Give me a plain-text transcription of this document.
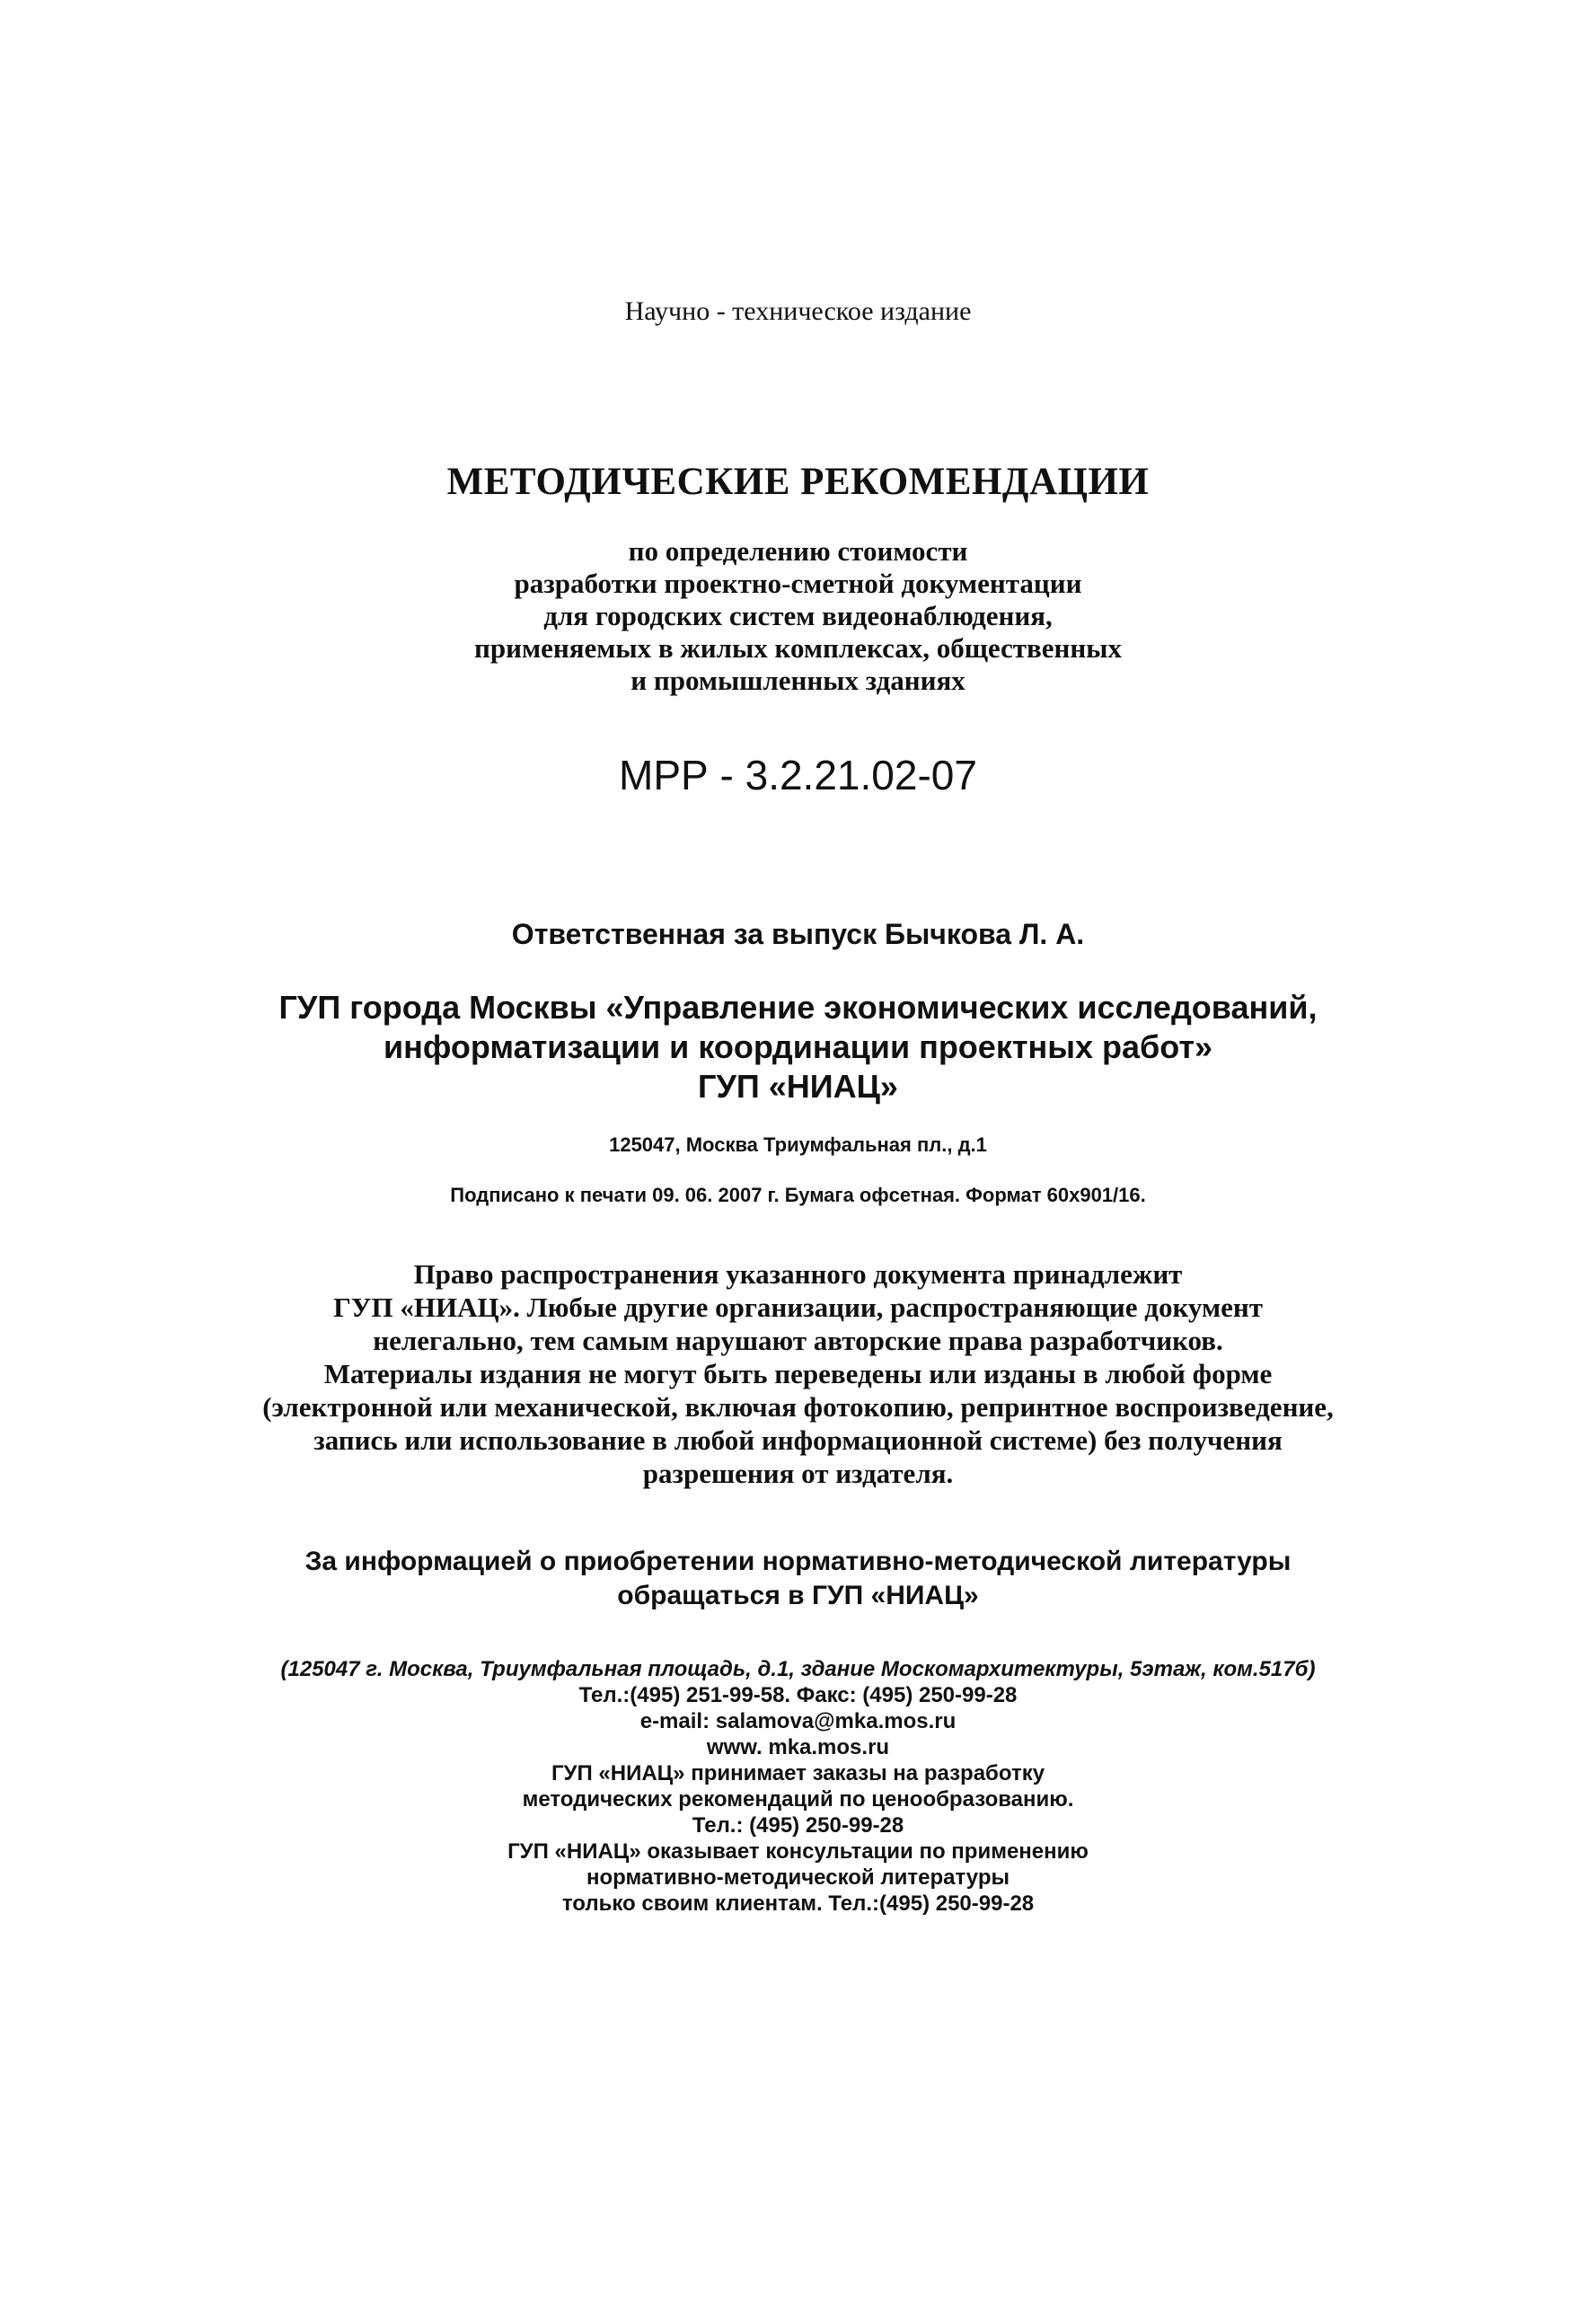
Научно - техническое издание
МЕТОДИЧЕСКИЕ РЕКОМЕНДАЦИИ
по определению стоимости
разработки проектно-сметной документации
для городских систем видеонаблюдения,
применяемых в жилых комплексах, общественных
и промышленных зданиях
МРР - 3.2.21.02-07
Ответственная за выпуск Бычкова Л. А.
ГУП города Москвы «Управление экономических исследований,
информатизации и координации проектных работ»
ГУП «НИАЦ»
125047, Москва Триумфальная пл., д.1
Подписано к печати 09. 06. 2007 г. Бумага офсетная. Формат 60х901/16.
Право распространения указанного документа принадлежит
ГУП «НИАЦ». Любые другие организации, распространяющие документ
нелегально, тем самым нарушают авторские права разработчиков.
Материалы издания не могут быть переведены или изданы в любой форме
(электронной или механической, включая фотокопию, репринтное воспроизведение,
запись или использование в любой информационной системе) без получения
разрешения от издателя.
За информацией о приобретении нормативно-методической литературы
обращаться в ГУП «НИАЦ»
(125047 г. Москва, Триумфальная площадь, д.1, здание Москомархитектуры, 5этаж, ком.517б)
Тел.:(495) 251-99-58. Факс: (495) 250-99-28
e-mail: salamova@mka.mos.ru
www. mka.mos.ru
ГУП «НИАЦ» принимает заказы на разработку
методических рекомендаций по ценообразованию.
Тел.: (495) 250-99-28
ГУП «НИАЦ» оказывает консультации по применению
нормативно-методической литературы
только своим клиентам. Тел.:(495) 250-99-28
